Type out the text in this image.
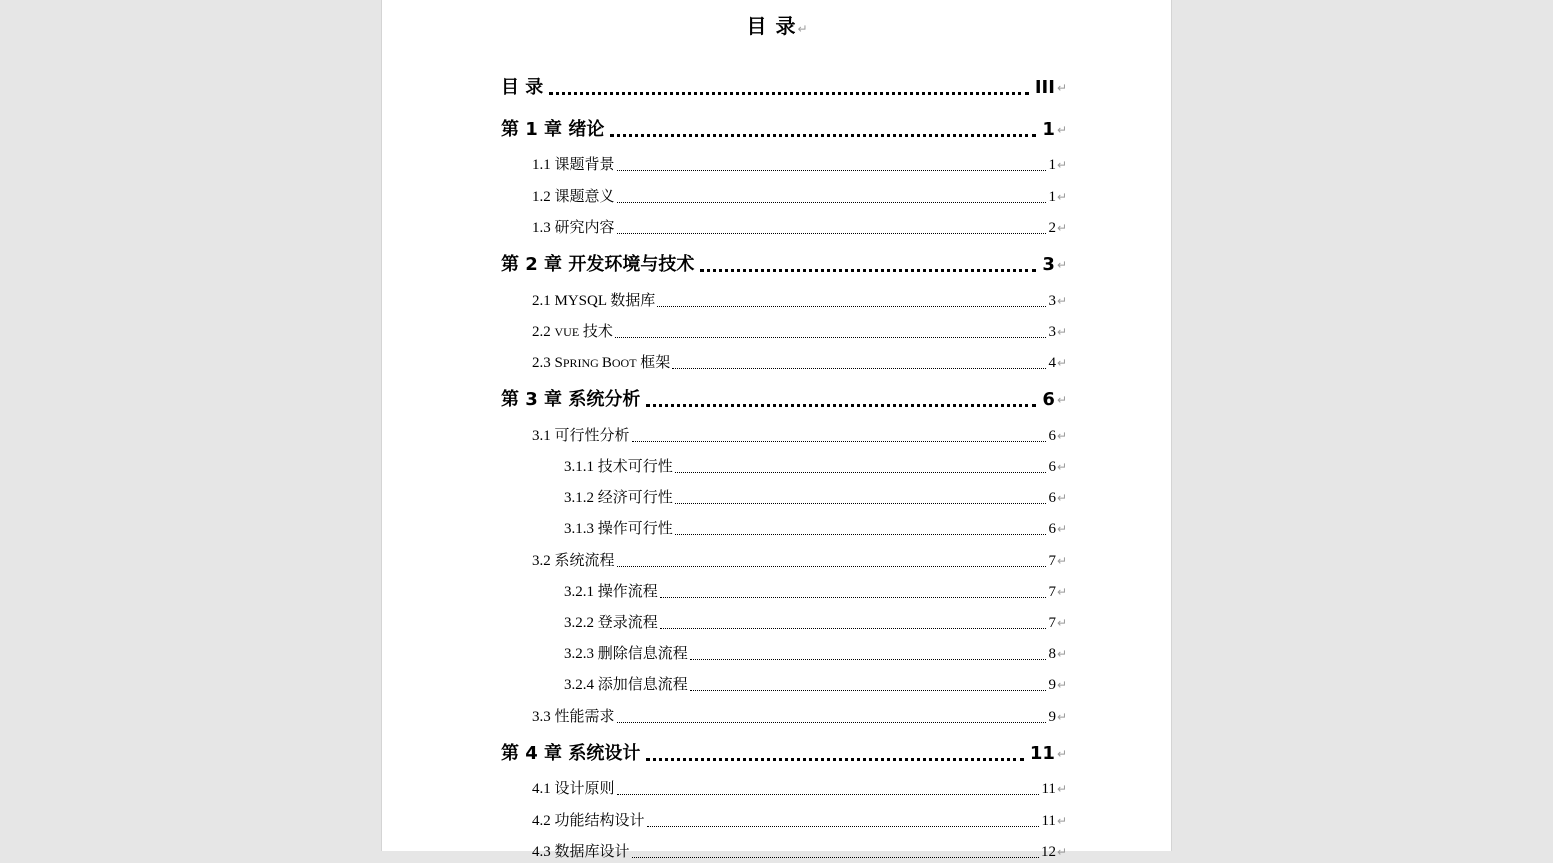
目 录↵
目 录	III ↵
第 1 章 绪论	1 ↵
1.1 课题背景	1 ↵
1.2 课题意义	1 ↵
1.3 研究内容	2 ↵
第 2 章 开发环境与技术	3 ↵
2.1 MYSQL 数据库	3 ↵
2.2 VUE 技术	3 ↵
2.3 SPRING BOOT 框架	4 ↵
第 3 章 系统分析	6 ↵
3.1 可行性分析	6 ↵
3.1.1 技术可行性	6 ↵
3.1.2 经济可行性	6 ↵
3.1.3 操作可行性	6 ↵
3.2 系统流程	7 ↵
3.2.1 操作流程	7 ↵
3.2.2 登录流程	7 ↵
3.2.3 删除信息流程	8 ↵
3.2.4 添加信息流程	9 ↵
3.3 性能需求	9 ↵
第 4 章 系统设计	11 ↵
4.1 设计原则	11 ↵
4.2 功能结构设计	11 ↵
4.3 数据库设计	12 ↵
